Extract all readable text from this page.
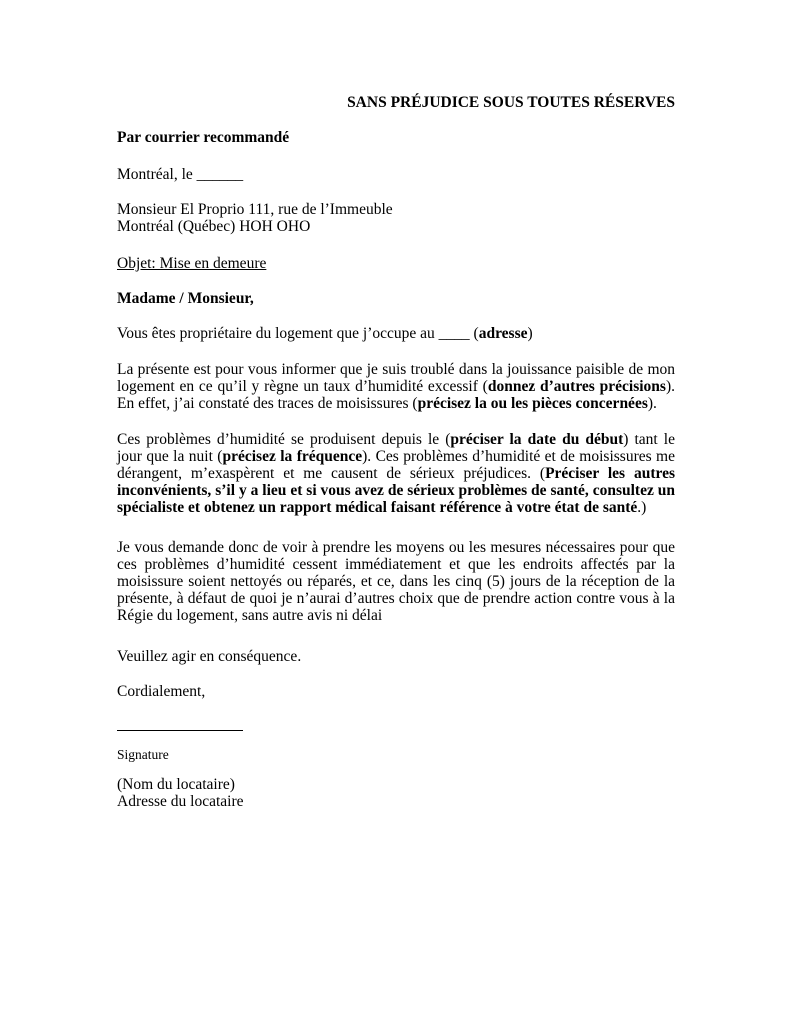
SANS PRÉJUDICE SOUS TOUTES RÉSERVES

Par courrier recommandé

Montréal, le ______

Monsieur El Proprio 111, rue de l’Immeuble
Montréal (Québec) HOH OHO

Objet: Mise en demeure

Madame / Monsieur,

Vous êtes propriétaire du logement que j’occupe au ____ (adresse)

La présente est pour vous informer que je suis troublé dans la jouissance paisible de mon logement en ce qu’il y règne un taux d’humidité excessif (donnez d’autres précisions). En effet, j’ai constaté des traces de moisissures (précisez la ou les pièces concernées).

Ces problèmes d’humidité se produisent depuis le (préciser la date du début) tant le jour que la nuit (précisez la fréquence). Ces problèmes d’humidité et de moisissures me dérangent, m’exaspèrent et me causent de sérieux préjudices. (Préciser les autres inconvénients, s’il y a lieu et si vous avez de sérieux problèmes de santé, consultez un spécialiste et obtenez un rapport médical faisant référence à votre état de santé.)

Je vous demande donc de voir à prendre les moyens ou les mesures nécessaires pour que ces problèmes d’humidité cessent immédiatement et que les endroits affectés par la moisissure soient nettoyés ou réparés, et ce, dans les cinq (5) jours de la réception de la présente, à défaut de quoi je n’aurai d’autres choix que de prendre action contre vous à la Régie du logement, sans autre avis ni délai

Veuillez agir en conséquence.

Cordialement,

Signature

(Nom du locataire)
Adresse du locataire
